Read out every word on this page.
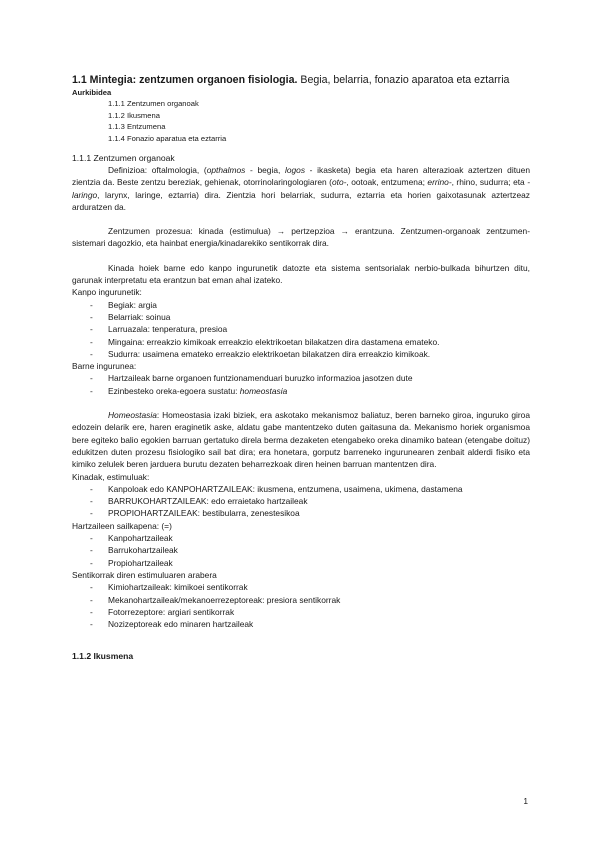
1.1 Mintegia: zentzumen organoen fisiologia. Begia, belarria, fonazio aparatoa eta eztarria

Aurkibidea
1.1.1 Zentzumen organoak
1.1.2 Ikusmena
1.1.3 Entzumena
1.1.4 Fonazio aparatua eta eztarria
1.1.1 Zentzumen organoak

Definizioa: oftalmologia, (opthalmos - begia, logos - ikasketa) begia eta haren alterazioak aztertzen dituen zientzia da. Beste zentzu bereziak, gehienak, otorrinolaringologiaren (oto-, ootoak, entzumena; errino-, rhino, sudurra; eta -laringo, larynx, laringe, eztarria) dira. Zientzia hori belarriak, sudurra, eztarria eta horien gaixotasunak aztertzeaz arduratzen da.

Zentzumen prozesua: kinada (estimulua) → pertzepzioa → erantzuna. Zentzumen-organoak zentzumen-sistemari dagozkio, eta hainbat energia/kinadarekiko sentikorrak dira.

Kinada hoiek barne edo kanpo ingurunetik datozte eta sistema sentsorialak nerbio-bulkada bihurtzen ditu, garunak interpretatu eta erantzun bat eman ahal izateko.

Kanpo ingurunetik:
- Begiak: argia
- Belarriak: soinua
- Larruazala: tenperatura, presioa
- Mingaina: erreakzio kimikoak erreakzio elektrikoetan bilakatzen dira dastamena emateko.
- Sudurra: usaimena emateko erreakzio elektrikoetan bilakatzen dira erreakzio kimikoak.
Barne ingurunea:
- Hartzaileak barne organoen funtzionamenduari buruzko informazioa jasotzen dute
- Ezinbesteko oreka-egoera sustatu: homeostasia

Homeostasia: Homeostasia izaki biziek, era askotako mekanismoz baliatuz, beren barneko giroa, inguruko giroa edozein delarik ere, haren eraginetik aske, aldatu gabe mantentzeko duten gaitasuna da. Mekanismo horiek organismoa bere egiteko balio egokien barruan gertatuko direla berma dezaketen etengabeko oreka dinamiko batean (etengabe doituz) edukitzen duten prozesu fisiologiko sail bat dira; era honetara, gorputz barreneko ingurunearen zenbait alderdi fisiko eta kimiko zelulek beren jarduera burutu dezaten beharrezkoak diren heinen barruan mantentzen dira.

Kinadak, estimuluak:
- Kanpoloak edo KANPOHARTZAILEAK: ikusmena, entzumena, usaimena, ukimena, dastamena
- BARRUKOHARTZAILEAK: edo erraietako hartzaileak
- PROPIOHARTZAILEAK: bestibularra, zenestesikoa
Hartzaileen sailkapena: (=)
- Kanpohartzaileak
- Barrukohartzaileak
- Propiohartzaileak
Sentikorrak diren estimuluaren arabera
- Kimiohartzaileak: kimikoei sentikorrak
- Mekanohartzaileak/mekanoerrezeptoreak: presiora sentikorrak
- Fotorrezeptore: argiari sentikorrak
- Nozizeptoreak edo minaren hartzaileak
1.1.2 Ikusmena
1
